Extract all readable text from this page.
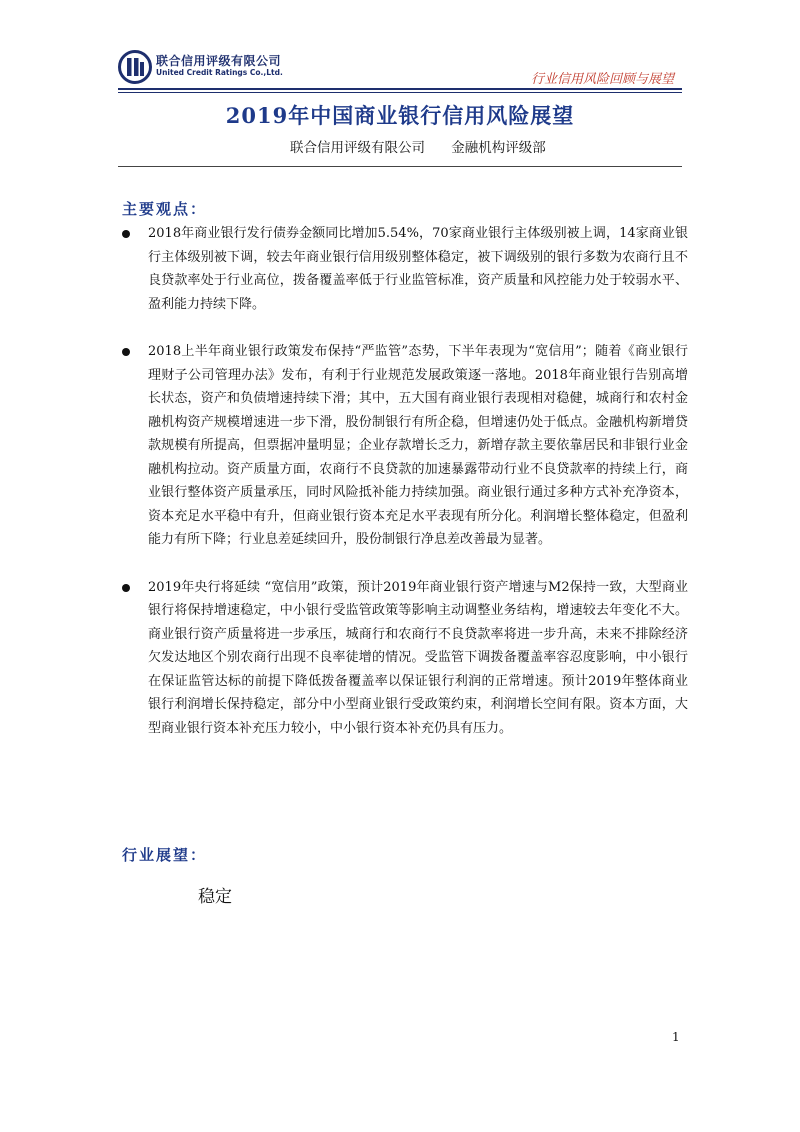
联合信用评级有限公司
United Credit Ratings Co.,Ltd.	行业信用风险回顾与展望
2019年中国商业银行信用风险展望
联合信用评级有限公司 金融机构评级部
主要观点：
2018年商业银行发行债券金额同比增加5.54%，70家商业银行主体级别被上调，14家商业银行主体级别被下调，较去年商业银行信用级别整体稳定，被下调级别的银行多数为农商行且不良贷款率处于行业高位，拨备覆盖率低于行业监管标准，资产质量和风控能力处于较弱水平、盈利能力持续下降。
2018上半年商业银行政策发布保持“严监管”态势，下半年表现为“宽信用”；随着《商业银行理财子公司管理办法》发布，有利于行业规范发展政策逐一落地。2018年商业银行告别高增长状态，资产和负债增速持续下滑；其中，五大国有商业银行表现相对稳健，城商行和农村金融机构资产规模增速进一步下滑，股份制银行有所企稳，但增速仍处于低点。金融机构新增贷款规模有所提高，但票据冲量明显；企业存款增长乏力，新增存款主要依靠居民和非银行业金融机构拉动。资产质量方面，农商行不良贷款的加速暴露带动行业不良贷款率的持续上行，商业银行整体资产质量承压，同时风险抵补能力持续加强。商业银行通过多种方式补充净资本，资本充足水平稳中有升，但商业银行资本充足水平表现有所分化。利润增长整体稳定，但盈利能力有所下降；行业息差延续回升，股份制银行净息差改善最为显著。
2019年央行将延续 “宽信用”政策，预计2019年商业银行资产增速与M2保持一致，大型商业银行将保持增速稳定，中小银行受监管政策等影响主动调整业务结构，增速较去年变化不大。商业银行资产质量将进一步承压，城商行和农商行不良贷款率将进一步升高，未来不排除经济欠发达地区个别农商行出现不良率徒增的情况。受监管下调拨备覆盖率容忍度影响，中小银行在保证监管达标的前提下降低拨备覆盖率以保证银行利润的正常增速。预计2019年整体商业银行利润增长保持稳定，部分中小型商业银行受政策约束，利润增长空间有限。资本方面，大型商业银行资本补充压力较小，中小银行资本补充仍具有压力。
行业展望：
稳定
1
